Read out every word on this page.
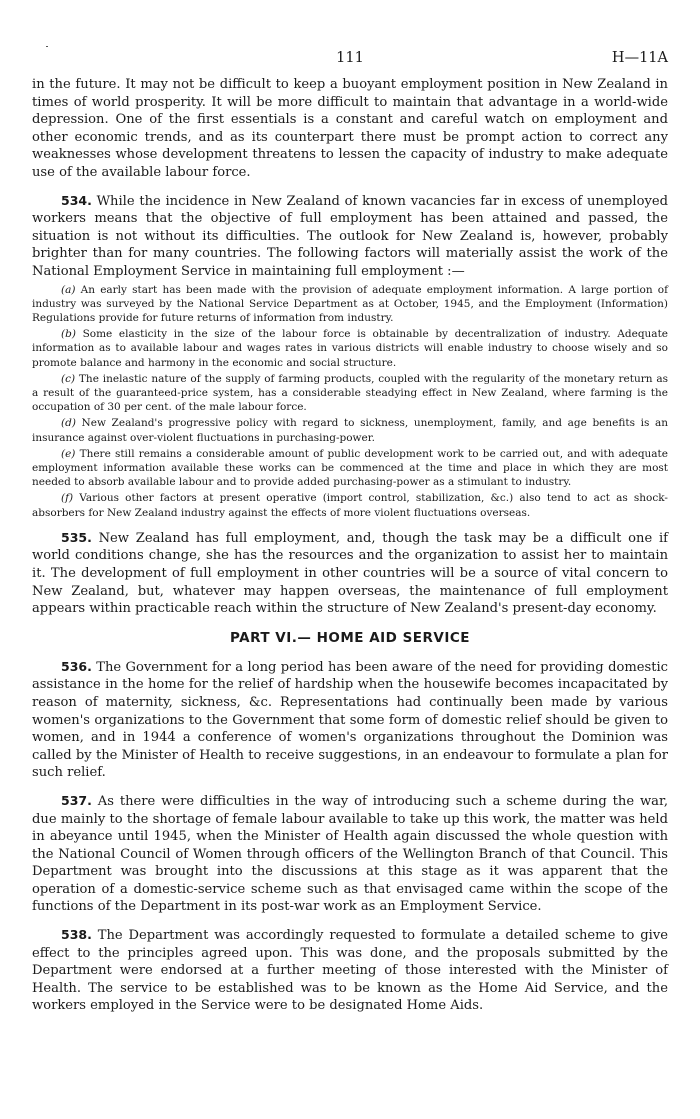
111	H—11A

in the future. It may not be difficult to keep a buoyant employment position in New Zealand in times of world prosperity. It will be more difficult to maintain that advantage in a world-wide depression. One of the first essentials is a constant and careful watch on employment and other economic trends, and as its counterpart there must be prompt action to correct any weaknesses whose development threatens to lessen the capacity of industry to make adequate use of the available labour force.

534. While the incidence in New Zealand of known vacancies far in excess of unemployed workers means that the objective of full employment has been attained and passed, the situation is not without its difficulties. The outlook for New Zealand is, however, probably brighter than for many countries. The following factors will materially assist the work of the National Employment Service in maintaining full employment :—

(a) An early start has been made with the provision of adequate employment information. A large portion of industry was surveyed by the National Service Department as at October, 1945, and the Employment (Information) Regulations provide for future returns of information from industry.

(b) Some elasticity in the size of the labour force is obtainable by decentralization of industry. Adequate information as to available labour and wages rates in various districts will enable industry to choose wisely and so promote balance and harmony in the economic and social structure.

(c) The inelastic nature of the supply of farming products, coupled with the regularity of the monetary return as a result of the guaranteed-price system, has a considerable steadying effect in New Zealand, where farming is the occupation of 30 per cent. of the male labour force.

(d) New Zealand's progressive policy with regard to sickness, unemployment, family, and age benefits is an insurance against over-violent fluctuations in purchasing-power.

(e) There still remains a considerable amount of public development work to be carried out, and with adequate employment information available these works can be commenced at the time and place in which they are most needed to absorb available labour and to provide added purchasing-power as a stimulant to industry.

(f) Various other factors at present operative (import control, stabilization, &c.) also tend to act as shock-absorbers for New Zealand industry against the effects of more violent fluctuations overseas.

535. New Zealand has full employment, and, though the task may be a difficult one if world conditions change, she has the resources and the organization to assist her to maintain it. The development of full employment in other countries will be a source of vital concern to New Zealand, but, whatever may happen overseas, the maintenance of full employment appears within practicable reach within the structure of New Zealand's present-day economy.

PART VI.— HOME AID SERVICE

536. The Government for a long period has been aware of the need for providing domestic assistance in the home for the relief of hardship when the housewife becomes incapacitated by reason of maternity, sickness, &c. Representations had continually been made by various women's organizations to the Government that some form of domestic relief should be given to women, and in 1944 a conference of women's organizations throughout the Dominion was called by the Minister of Health to receive suggestions, in an endeavour to formulate a plan for such relief.

537. As there were difficulties in the way of introducing such a scheme during the war, due mainly to the shortage of female labour available to take up this work, the matter was held in abeyance until 1945, when the Minister of Health again discussed the whole question with the National Council of Women through officers of the Wellington Branch of that Council. This Department was brought into the discussions at this stage as it was apparent that the operation of a domestic-service scheme such as that envisaged came within the scope of the functions of the Department in its post-war work as an Employment Service.

538. The Department was accordingly requested to formulate a detailed scheme to give effect to the principles agreed upon. This was done, and the proposals submitted by the Department were endorsed at a further meeting of those interested with the Minister of Health. The service to be established was to be known as the Home Aid Service, and the workers employed in the Service were to be designated Home Aids.
